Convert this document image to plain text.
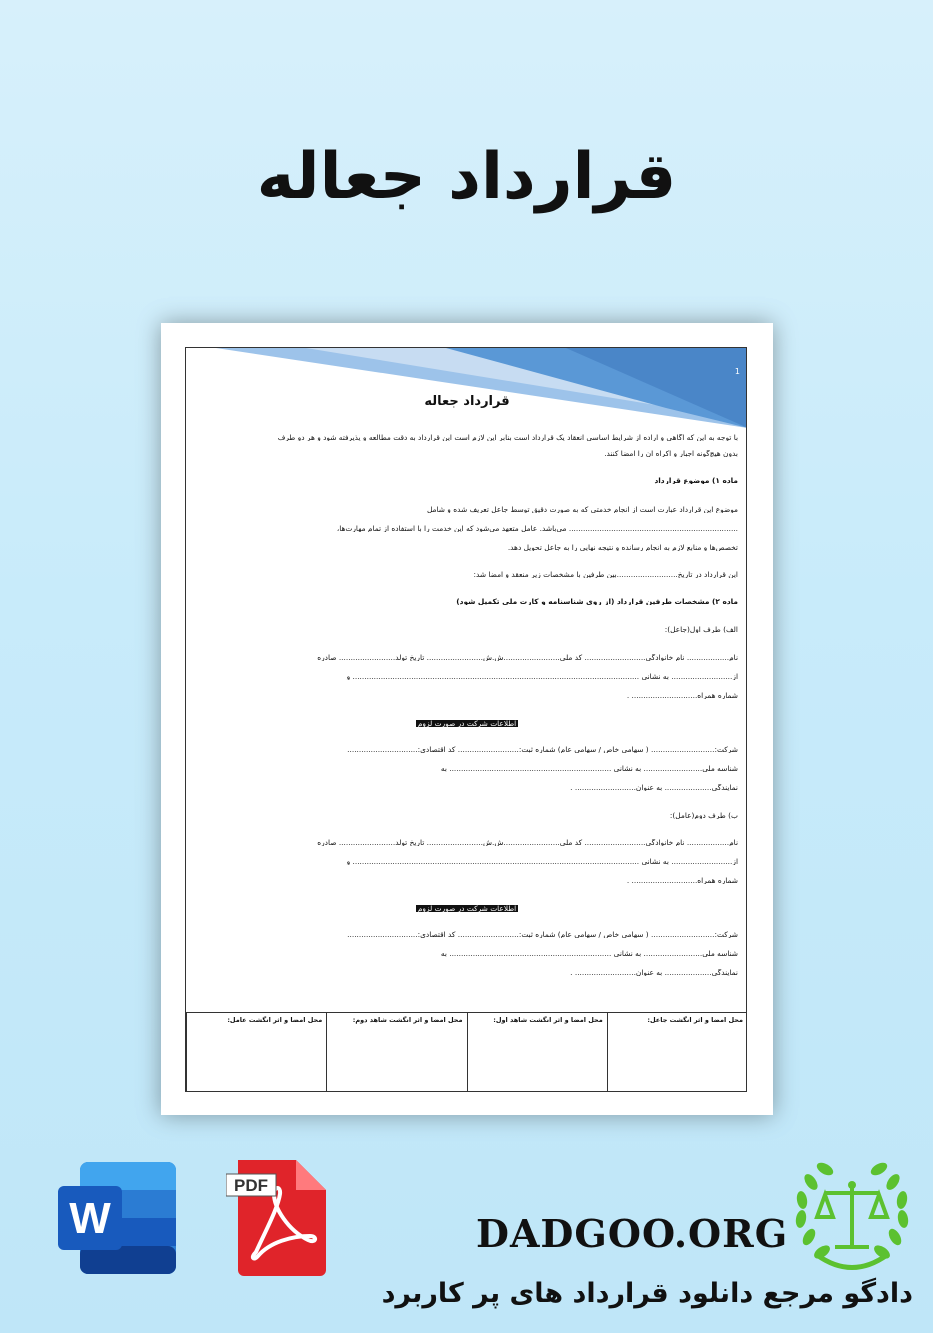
قرارداد جعاله
1
قرارداد جعاله
با توجه به این که آگاهی و اراده از شرایط اساسی انعقاد یک قرارداد است بنابر این لازم است این قرارداد به دقت مطالعه و پذیرفته شود و هر دو طرف
بدون هیچ‌گونه اجبار و اکراه آن را امضا کنند.
ماده ۱) موضوع قرارداد
موضوع این قرارداد عبارت است از انجام خدمتی که به صورت دقیق توسط جاعل تعریف شده و شامل
........................................................................ می‌باشد. عامل متعهد می‌شود که این خدمت را با استفاده از تمام مهارت‌ها،
تخصص‌ها و منابع لازم به انجام رسانده و نتیجه نهایی را به جاعل تحویل دهد.
این قرارداد در تاریخ..........................بین طرفین با مشخصات زیر منعقد و امضا شد:
ماده ۲) مشخصات طرفین قرارداد (از روی شناسنامه و کارت ملی تکمیل شود)
الف) طرف اول(جاعل):
نام.................. نام خانوادگی.......................... کد ملی........................ش.ش........................ تاریخ تولد........................ صادره
از.......................... به نشانی .......................................................................................................................... و
شماره همراه............................ .
اطلاعات شرکت در صورت لزوم
شرکت:........................... ( سهامی خاص / سهامی عام) شماره ثبت:.......................... کد اقتصادی:..............................
شناسه ملی......................... به نشانی ..................................................................... به
نمایندگی.................... به عنوان.......................... .
ب) طرف دوم(عامل):
نام.................. نام خانوادگی.......................... کد ملی........................ش.ش........................ تاریخ تولد........................ صادره
از.......................... به نشانی .......................................................................................................................... و
شماره همراه............................ .
اطلاعات شرکت در صورت لزوم
شرکت:........................... ( سهامی خاص / سهامی عام) شماره ثبت:.......................... کد اقتصادی:..............................
شناسه ملی......................... به نشانی ..................................................................... به
نمایندگی.................... به عنوان.......................... .
محل امضا و اثر انگشت جاعل:	محل امضا و اثر انگشت شاهد اول:	محل امضا و اثر انگشت شاهد دوم:	محل امضا و اثر انگشت عامل:
W
PDF
DADGOO.ORG
دادگو مرجع دانلود قرارداد های پر کاربرد
